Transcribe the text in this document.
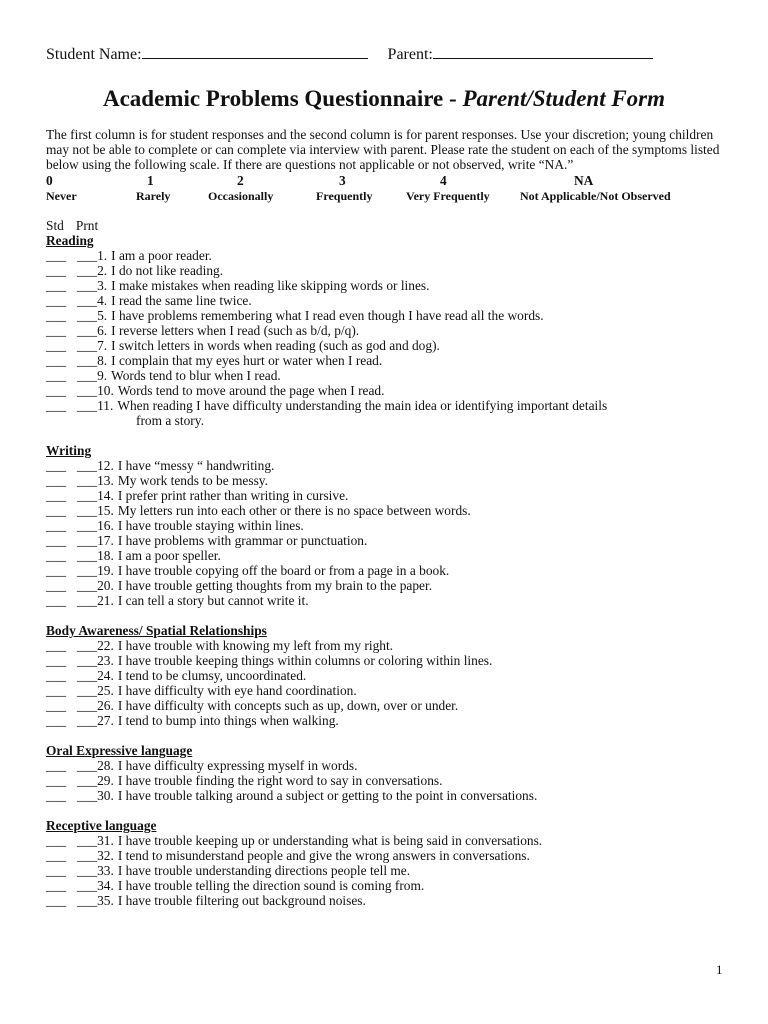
Student Name:	Parent:
Academic Problems Questionnaire - Parent/Student Form
The first column is for student responses and the second column is for parent responses. Use your discretion; young children may not be able to complete or can complete via interview with parent. Please rate the student on each of the symptoms listed below using the following scale. If there are questions not applicable or not observed, write “NA.”
0
Never
1
Rarely
2
Occasionally
3
Frequently
4
Very Frequently
NA
Not Applicable/Not Observed
Std Prnt
Reading
___ ___1. I am a poor reader.
___ ___2. I do not like reading.
___ ___3. I make mistakes when reading like skipping words or lines.
___ ___4. I read the same line twice.
___ ___5. I have problems remembering what I read even though I have read all the words.
___ ___6. I reverse letters when I read (such as b/d, p/q).
___ ___7. I switch letters in words when reading (such as god and dog).
___ ___8. I complain that my eyes hurt or water when I read.
___ ___9. Words tend to blur when I read.
___ ___10. Words tend to move around the page when I read.
___ ___11. When reading I have difficulty understanding the main idea or identifying important details
from a story.
Writing
___ ___12. I have “messy “ handwriting.
___ ___13. My work tends to be messy.
___ ___14. I prefer print rather than writing in cursive.
___ ___15. My letters run into each other or there is no space between words.
___ ___16. I have trouble staying within lines.
___ ___17. I have problems with grammar or punctuation.
___ ___18. I am a poor speller.
___ ___19. I have trouble copying off the board or from a page in a book.
___ ___20. I have trouble getting thoughts from my brain to the paper.
___ ___21. I can tell a story but cannot write it.
Body Awareness/ Spatial Relationships
___ ___22. I have trouble with knowing my left from my right.
___ ___23. I have trouble keeping things within columns or coloring within lines.
___ ___24. I tend to be clumsy, uncoordinated.
___ ___25. I have difficulty with eye hand coordination.
___ ___26. I have difficulty with concepts such as up, down, over or under.
___ ___27. I tend to bump into things when walking.
Oral Expressive language
___ ___28. I have difficulty expressing myself in words.
___ ___29. I have trouble finding the right word to say in conversations.
___ ___30. I have trouble talking around a subject or getting to the point in conversations.
Receptive language
___ ___31. I have trouble keeping up or understanding what is being said in conversations.
___ ___32. I tend to misunderstand people and give the wrong answers in conversations.
___ ___33. I have trouble understanding directions people tell me.
___ ___34. I have trouble telling the direction sound is coming from.
___ ___35. I have trouble filtering out background noises.
1
